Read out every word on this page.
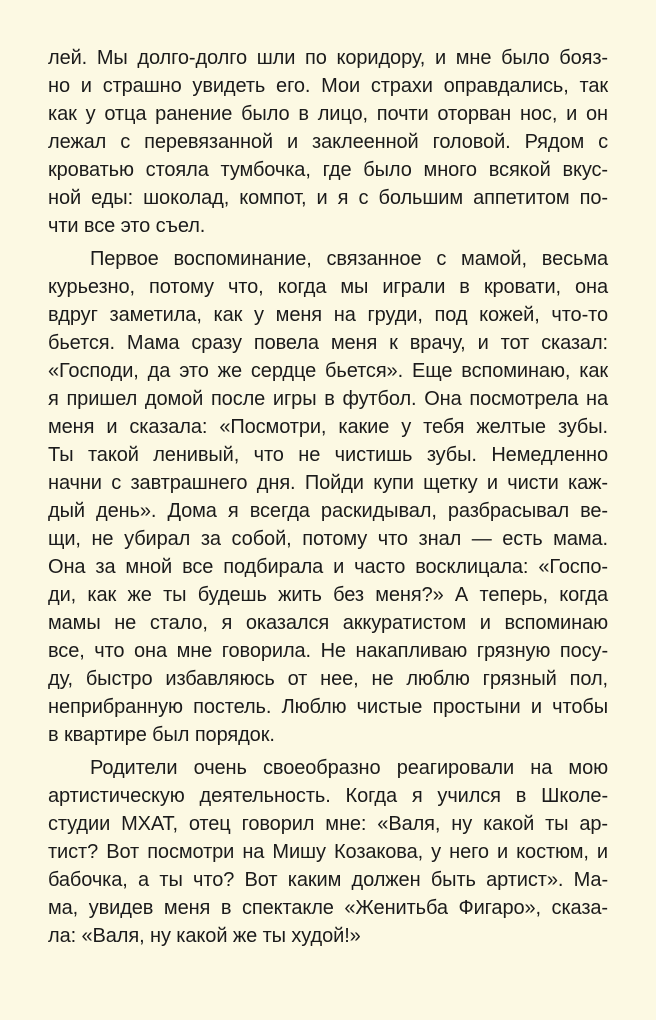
лей. Мы долго-долго шли по коридору, и мне было бояз-
но и страшно увидеть его. Мои страхи оправдались, так
как у отца ранение было в лицо, почти оторван нос, и он
лежал с перевязанной и заклеенной головой. Рядом с
кроватью стояла тумбочка, где было много всякой вкус-
ной еды: шоколад, компот, и я с большим аппетитом по-
чти все это съел.
Первое воспоминание, связанное с мамой, весьма
курьезно, потому что, когда мы играли в кровати, она
вдруг заметила, как у меня на груди, под кожей, что-то
бьется. Мама сразу повела меня к врачу, и тот сказал:
«Господи, да это же сердце бьется». Еще вспоминаю, как
я пришел домой после игры в футбол. Она посмотрела на
меня и сказала: «Посмотри, какие у тебя желтые зубы.
Ты такой ленивый, что не чистишь зубы. Немедленно
начни с завтрашнего дня. Пойди купи щетку и чисти каж-
дый день». Дома я всегда раскидывал, разбрасывал ве-
щи, не убирал за собой, потому что знал — есть мама.
Она за мной все подбирала и часто восклицала: «Госпо-
ди, как же ты будешь жить без меня?» А теперь, когда
мамы не стало, я оказался аккуратистом и вспоминаю
все, что она мне говорила. Не накапливаю грязную посу-
ду, быстро избавляюсь от нее, не люблю грязный пол,
неприбранную постель. Люблю чистые простыни и чтобы
в квартире был порядок.
Родители очень своеобразно реагировали на мою
артистическую деятельность. Когда я учился в Школе-
студии МХАТ, отец говорил мне: «Валя, ну какой ты ар-
тист? Вот посмотри на Мишу Козакова, у него и костюм, и
бабочка, а ты что? Вот каким должен быть артист». Ма-
ма, увидев меня в спектакле «Женитьба Фигаро», сказа-
ла: «Валя, ну какой же ты худой!»
